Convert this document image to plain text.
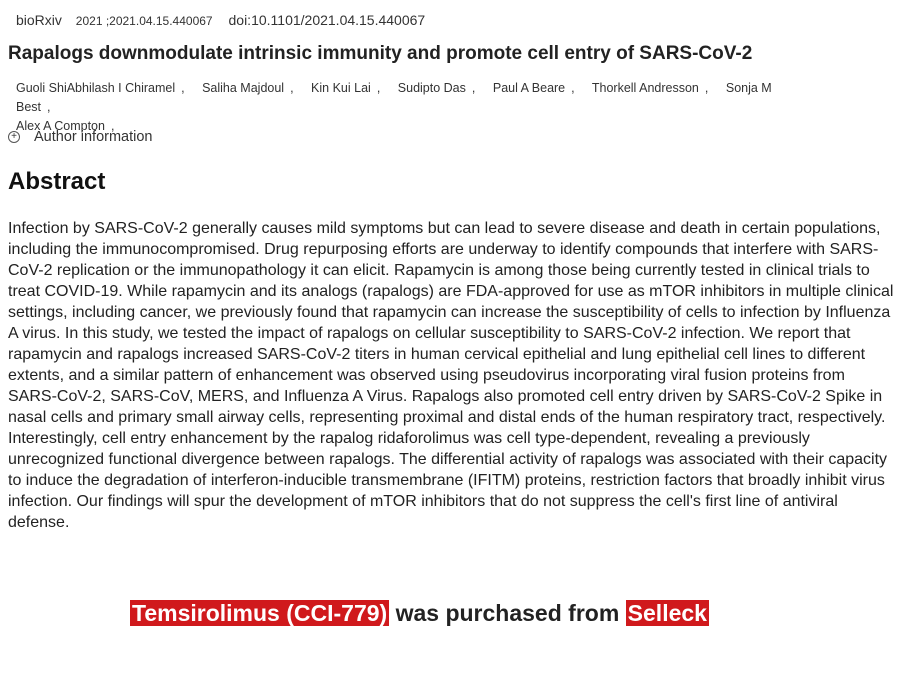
bioRxiv 2021 ;2021.04.15.440067 doi:10.1101/2021.04.15.440067
Rapalogs downmodulate intrinsic immunity and promote cell entry of SARS-CoV-2
Guoli ShiAbhilash I Chiramel , Saliha Majdoul , Kin Kui Lai , Sudipto Das , Paul A Beare , Thorkell Andresson , Sonja M Best ,
Alex A Compton ,
+ Author information
Abstract

Infection by SARS-CoV-2 generally causes mild symptoms but can lead to severe disease and death in certain populations, including the immunocompromised. Drug repurposing efforts are underway to identify compounds that interfere with SARS-CoV-2 replication or the immunopathology it can elicit. Rapamycin is among those being currently tested in clinical trials to treat COVID-19. While rapamycin and its analogs (rapalogs) are FDA-approved for use as mTOR inhibitors in multiple clinical settings, including cancer, we previously found that rapamycin can increase the susceptibility of cells to infection by Influenza A virus. In this study, we tested the impact of rapalogs on cellular susceptibility to SARS-CoV-2 infection. We report that rapamycin and rapalogs increased SARS-CoV-2 titers in human cervical epithelial and lung epithelial cell lines to different extents, and a similar pattern of enhancement was observed using pseudovirus incorporating viral fusion proteins from SARS-CoV-2, SARS-CoV, MERS, and Influenza A Virus. Rapalogs also promoted cell entry driven by SARS-CoV-2 Spike in nasal cells and primary small airway cells, representing proximal and distal ends of the human respiratory tract, respectively. Interestingly, cell entry enhancement by the rapalog ridaforolimus was cell type-dependent, revealing a previously unrecognized functional divergence between rapalogs. The differential activity of rapalogs was associated with their capacity to induce the degradation of interferon-inducible transmembrane (IFITM) proteins, restriction factors that broadly inhibit virus infection. Our findings will spur the development of mTOR inhibitors that do not suppress the cell's first line of antiviral defense.

Temsirolimus (CCI-779) was purchased from Selleck
